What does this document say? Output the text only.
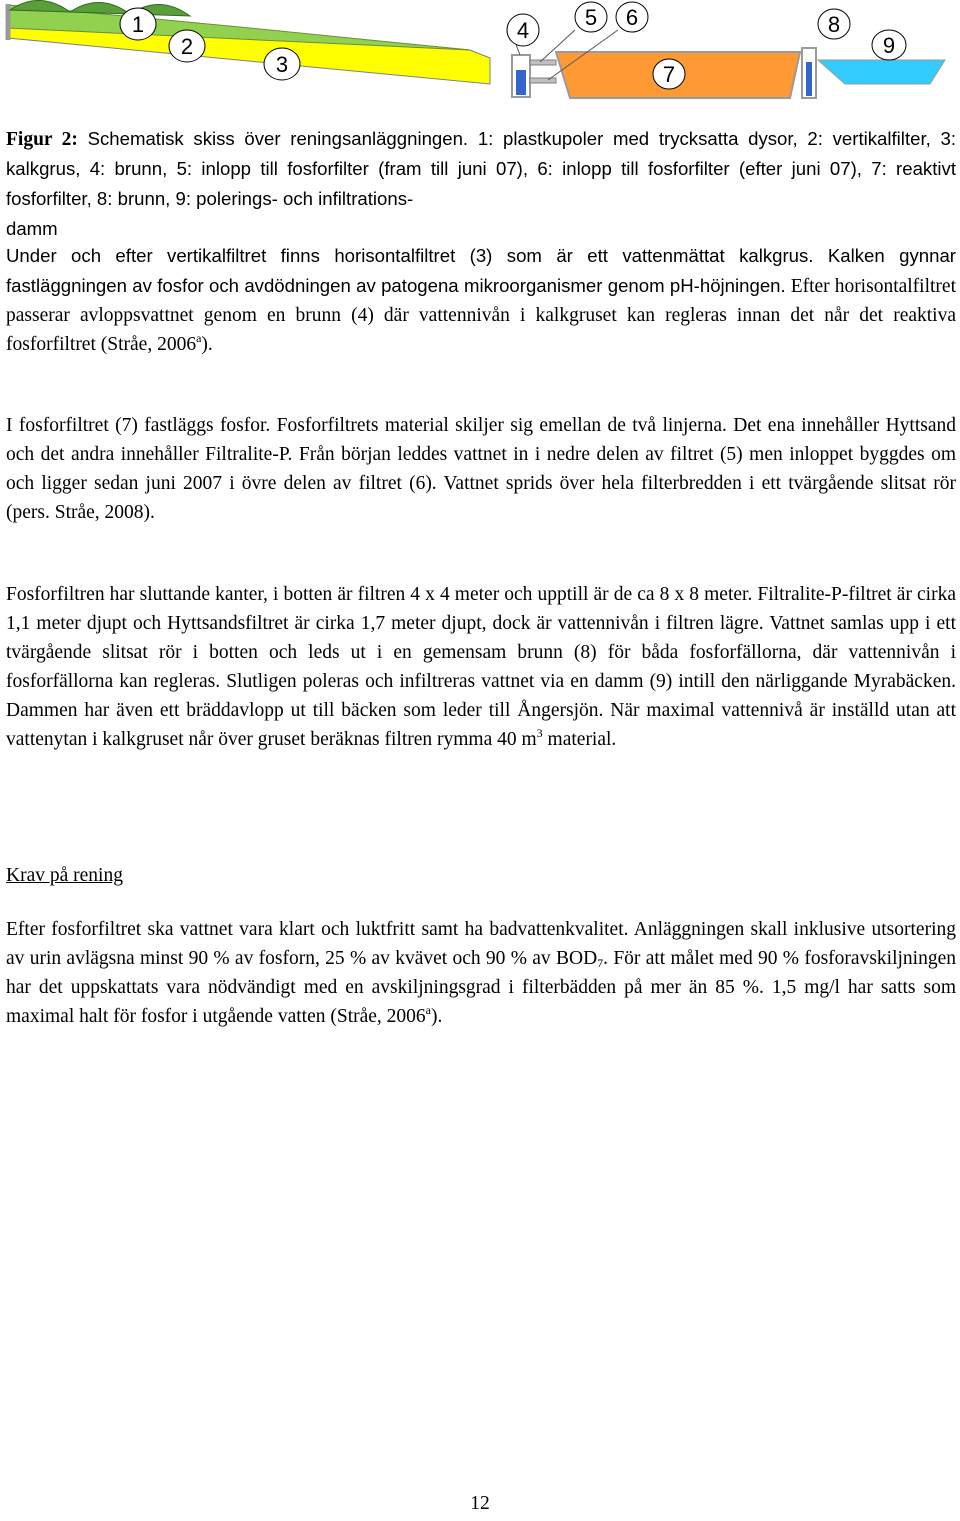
1
2
3
4
5 6
7
8
9
Figur 2: Schematisk skiss över reningsanläggningen. 1: plastkupoler med trycksatta dysor, 2: vertikalfilter, 3: kalkgrus, 4: brunn, 5: inlopp till fosforfilter (fram till juni 07), 6: inlopp till fosforfilter (efter juni 07), 7: reaktivt fosforfilter, 8: brunn, 9: polerings- och infiltrations-
damm
Under och efter vertikalfiltret finns horisontalfiltret (3) som är ett vattenmättat kalkgrus. Kalken gynnar fastläggningen av fosfor och avdödningen av patogena mikroorganismer genom pH-höjningen. Efter horisontalfiltret passerar avloppsvattnet genom en brunn (4) där vattennivån i kalkgruset kan regleras innan det når det reaktiva fosforfiltret (Stråe, 2006$^a$).
I fosforfiltret (7) fastläggs fosfor. Fosforfiltrets material skiljer sig emellan de två linjerna. Det ena innehåller Hyttsand och det andra innehåller Filtralite-P. Från början leddes vattnet in i nedre delen av filtret (5) men inloppet byggdes om och ligger sedan juni 2007 i övre delen av filtret (6). Vattnet sprids över hela filterbredden i ett tvärgående slitsat rör (pers. Stråe, 2008).
Fosforfiltren har sluttande kanter, i botten är filtren 4 x 4 meter och upptill är de ca 8 x 8 meter. Filtralite-P-filtret är cirka 1,1 meter djupt och Hyttsandsfiltret är cirka 1,7 meter djupt, dock är vattennivån i filtren lägre. Vattnet samlas upp i ett tvärgående slitsat rör i botten och leds ut i en gemensam brunn (8) för båda fosforfällorna, där vattennivån i fosforfällorna kan regleras. Slutligen poleras och infiltreras vattnet via en damm (9) intill den närliggande Myrabäcken. Dammen har även ett bräddavlopp ut till bäcken som leder till Ångersjön. När maximal vattennivå är inställd utan att vattenytan i kalkgruset når över gruset beräknas filtren rymma 40 $m^3$ material.
Krav på rening
Efter fosforfiltret ska vattnet vara klart och luktfritt samt ha badvattenkvalitet. Anläggningen skall inklusive utsortering av urin avlägsna minst 90 % av fosforn, 25 % av kvävet och 90 % av $BOD_7$. För att målet med 90 % fosforavskiljningen har det uppskattats vara nödvändigt med en avskiljningsgrad i filterbädden på mer än 85 %. 1,5 mg/l har satts som maximal halt för fosfor i utgående vatten (Stråe, 2006$^a$).
12
